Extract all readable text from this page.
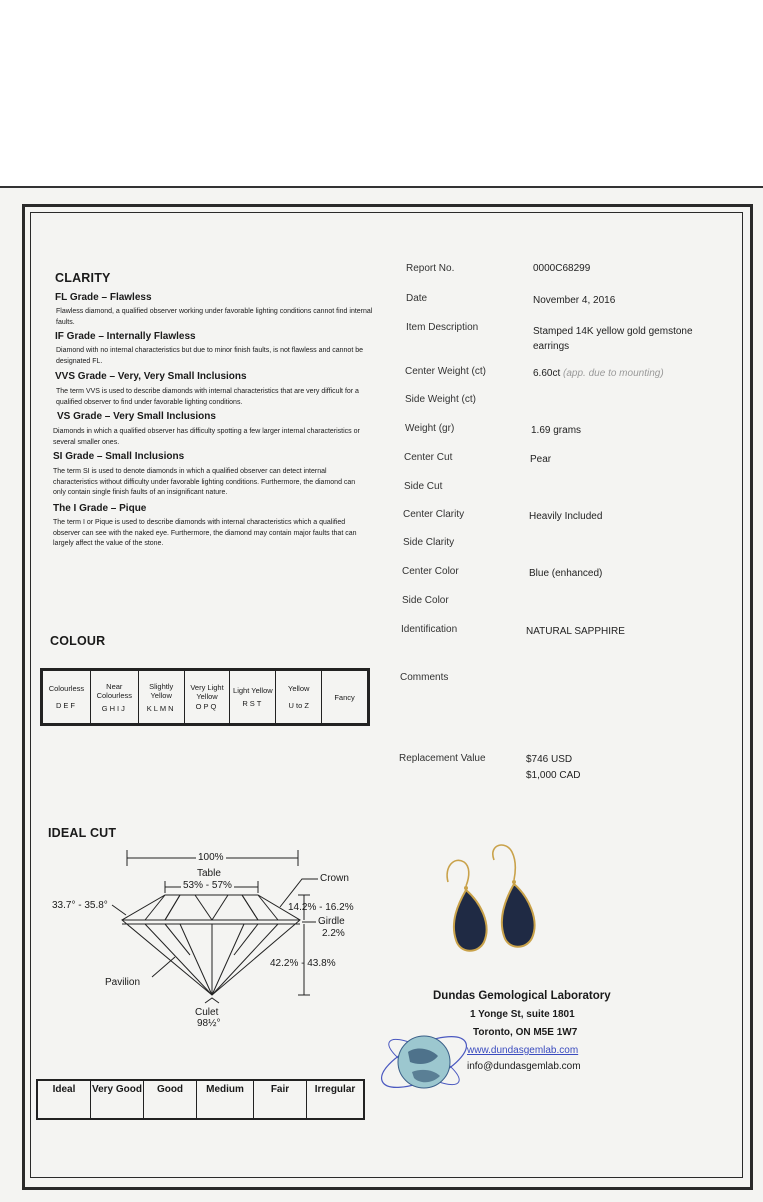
CLARITY
FL Grade – Flawless
Flawless diamond, a qualified observer working under favorable lighting conditions cannot find internal faults.
IF Grade – Internally Flawless
Diamond with no internal characteristics but due to minor finish faults, is not flawless and cannot be designated FL.
VVS Grade – Very, Very Small Inclusions
The term VVS is used to describe diamonds with internal characteristics that are very difficult for a qualified observer to find under favorable lighting conditions.
VS Grade – Very Small Inclusions
Diamonds in which a qualified observer has difficulty spotting a few larger internal characteristics or several smaller ones.
SI Grade – Small Inclusions
The term SI is used to denote diamonds in which a qualified observer can detect internal characteristics without difficulty under favorable lighting conditions. Furthermore, the diamond can only contain single finish faults of an insignificant nature.
The I Grade – Pique
The term I or Pique is used to describe diamonds with internal characteristics which a qualified observer can see with the naked eye. Furthermore, the diamond may contain major faults that can largely affect the value of the stone.
COLOUR
Colourless
DEF

Near Colourless
GHIJ

Slightly Yellow
KLMN

Very Light Yellow
OPQ

Light Yellow
RST

Yellow
U to Z

Fancy
IDEAL CUT
100%
Table
53% - 57%
Crown
33.7° - 35.8°	14.2% - 16.2%
Girdle
2.2%
42.2% - 43.8%
Pavilion
Culet
98½°
Ideal	Very Good	Good	Medium	Fair	Irregular
Report No.	0000C68299
Date	November 4, 2016
Item Description	Stamped 14K yellow gold gemstone earrings
Center Weight (ct)	6.60ct (app. due to mounting)
Side Weight (ct)
Weight (gr)	1.69 grams
Center Cut	Pear
Side Cut
Center Clarity	Heavily Included
Side Clarity
Center Color	Blue (enhanced)
Side Color
Identification	NATURAL SAPPHIRE
Comments
Replacement Value	$746 USD
$1,000 CAD
Dundas Gemological Laboratory
1 Yonge St, suite 1801
Toronto, ON M5E 1W7
www.dundasgemlab.com
info@dundasgemlab.com
